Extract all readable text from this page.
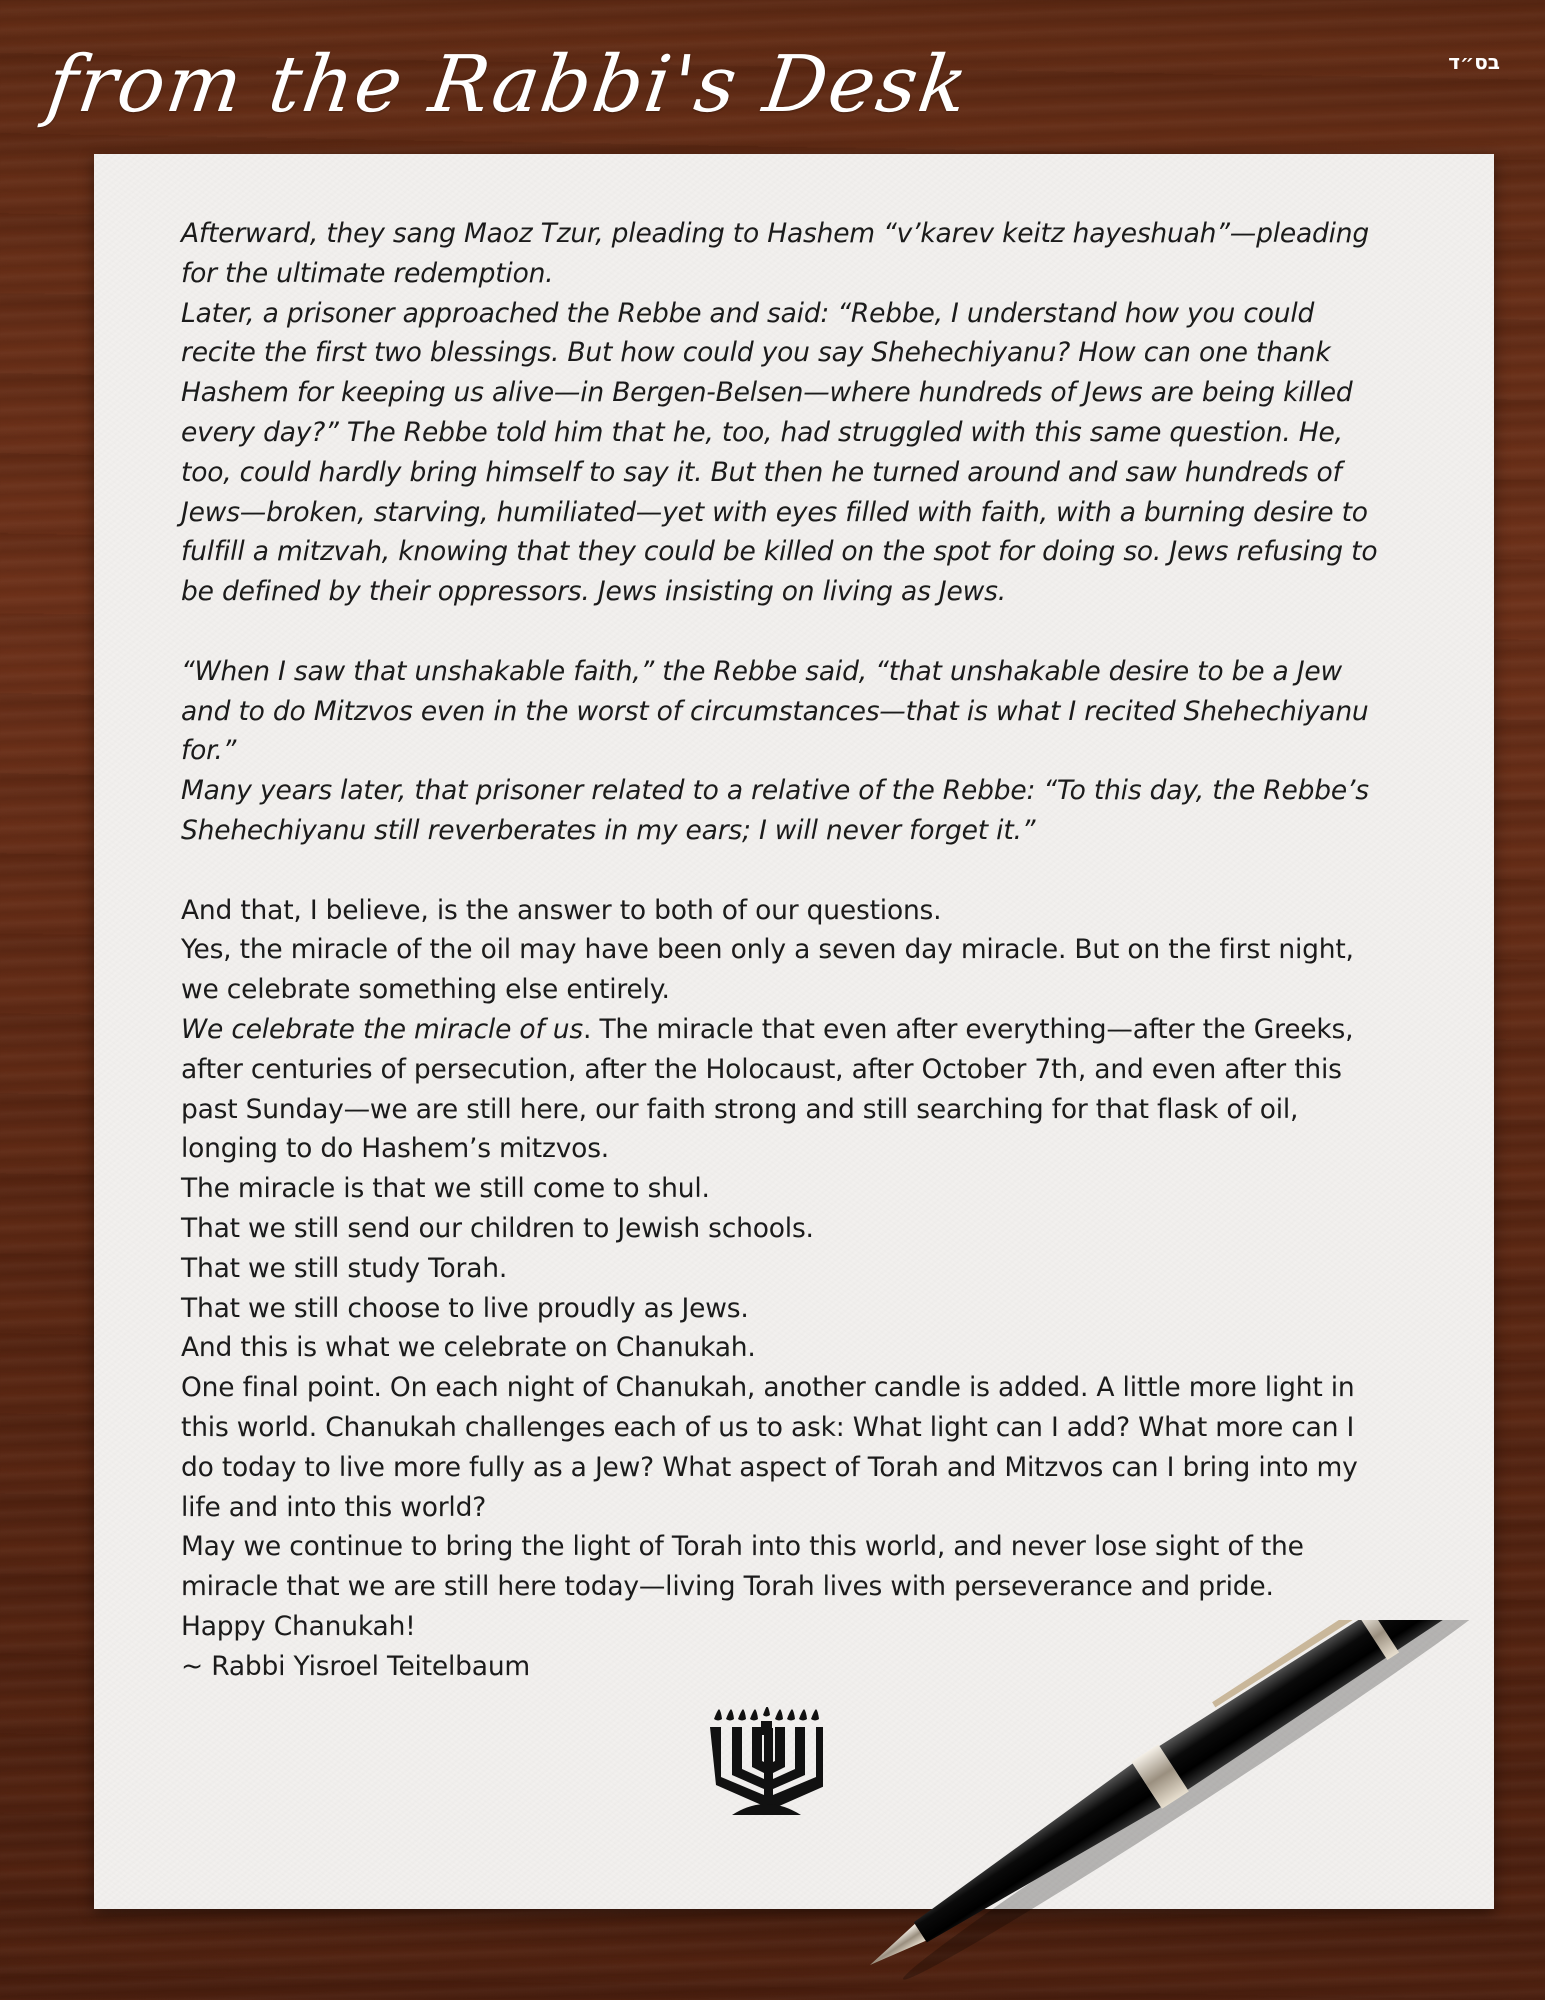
from the Rabbi's Desk	בס״ד

Afterward, they sang Maoz Tzur, pleading to Hashem “v’karev keitz hayeshuah”—pleading for the ultimate redemption.

Later, a prisoner approached the Rebbe and said: “Rebbe, I understand how you could recite the first two blessings. But how could you say Shehechiyanu? How can one thank Hashem for keeping us alive—in Bergen-Belsen—where hundreds of Jews are being killed every day?” The Rebbe told him that he, too, had struggled with this same question. He, too, could hardly bring himself to say it. But then he turned around and saw hundreds of Jews—broken, starving, humiliated—yet with eyes filled with faith, with a burning desire to fulfill a mitzvah, knowing that they could be killed on the spot for doing so. Jews refusing to be defined by their oppressors. Jews insisting on living as Jews.

“When I saw that unshakable faith,” the Rebbe said, “that unshakable desire to be a Jew and to do Mitzvos even in the worst of circumstances—that is what I recited Shehechiyanu for.”

Many years later, that prisoner related to a relative of the Rebbe: “To this day, the Rebbe’s Shehechiyanu still reverberates in my ears; I will never forget it.”

And that, I believe, is the answer to both of our questions.

Yes, the miracle of the oil may have been only a seven day miracle. But on the first night, we celebrate something else entirely.

We celebrate the miracle of us. The miracle that even after everything—after the Greeks, after centuries of persecution, after the Holocaust, after October 7th, and even after this past Sunday—we are still here, our faith strong and still searching for that flask of oil, longing to do Hashem’s mitzvos.

The miracle is that we still come to shul.

That we still send our children to Jewish schools.

That we still study Torah.

That we still choose to live proudly as Jews.

And this is what we celebrate on Chanukah.

One final point. On each night of Chanukah, another candle is added. A little more light in this world. Chanukah challenges each of us to ask: What light can I add? What more can I do today to live more fully as a Jew? What aspect of Torah and Mitzvos can I bring into my life and into this world?

May we continue to bring the light of Torah into this world, and never lose sight of the miracle that we are still here today—living Torah lives with perseverance and pride.

Happy Chanukah!

~ Rabbi Yisroel Teitelbaum
